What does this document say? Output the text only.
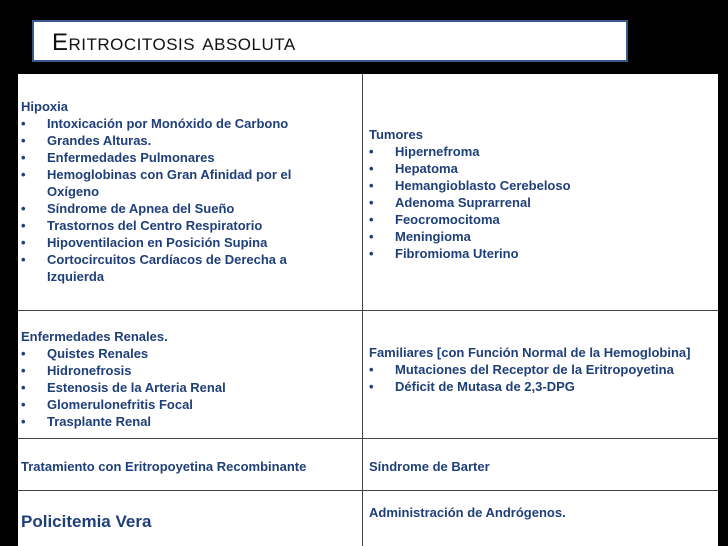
Eritrocitosis absoluta
Hipoxia
• Intoxicación por Monóxido de Carbono
• Grandes Alturas.
• Enfermedades Pulmonares
• Hemoglobinas con Gran Afinidad por el Oxígeno
• Síndrome de Apnea del Sueño
• Trastornos del Centro Respiratorio
• Hipoventilacion en Posición Supina
• Cortocircuitos Cardíacos de Derecha a Izquierda
Tumores
• Hipernefroma
• Hepatoma
• Hemangioblasto Cerebeloso
• Adenoma Suprarrenal
• Feocromocitoma
• Meningioma
• Fibromioma Uterino
Enfermedades Renales.
• Quistes Renales
• Hidronefrosis
• Estenosis de la Arteria Renal
• Glomerulonefritis Focal
• Trasplante Renal
Familiares [con Función Normal de la Hemoglobina]
• Mutaciones del Receptor de la Eritropoyetina
• Déficit de Mutasa de 2,3-DPG
Tratamiento con Eritropoyetina Recombinante	Síndrome de Barter
Policitemia Vera	Administración de Andrógenos.
